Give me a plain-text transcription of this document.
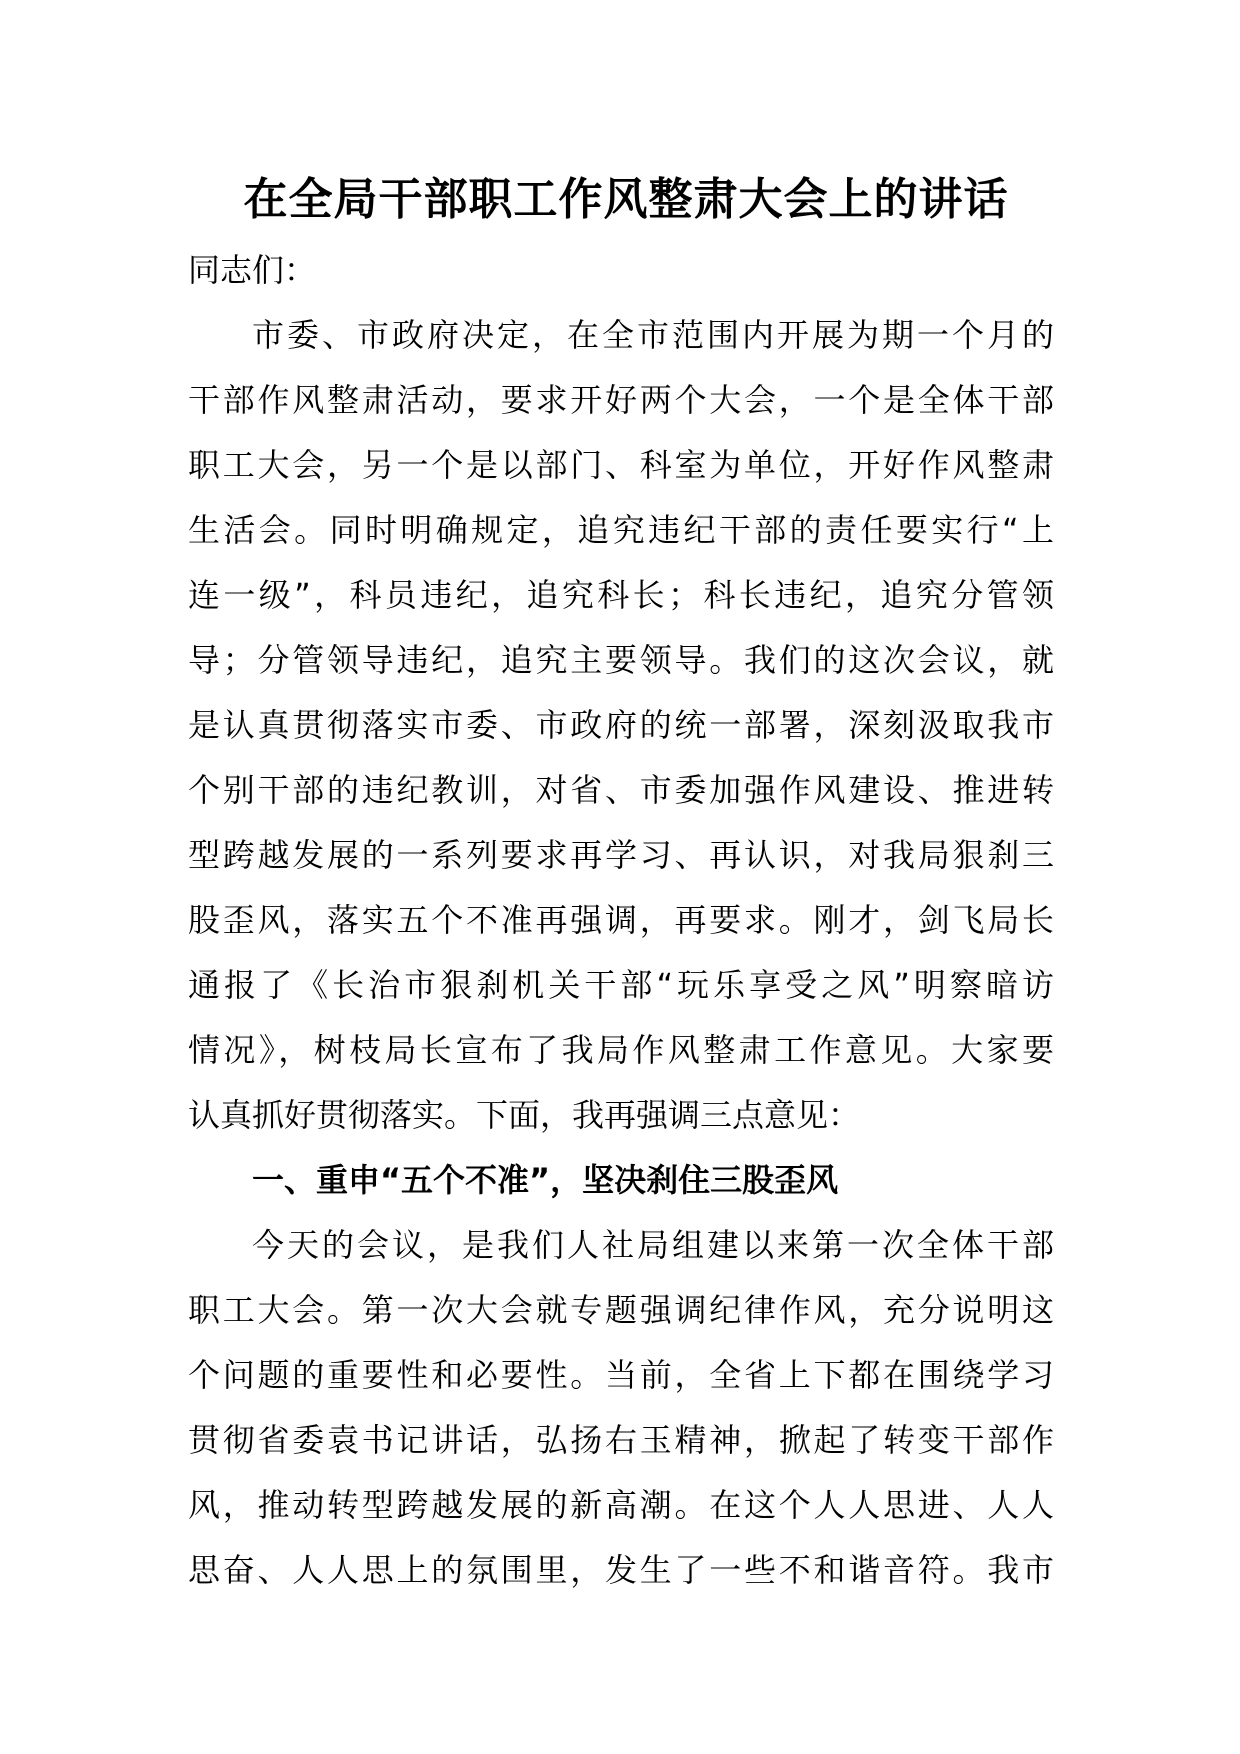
在全局干部职工作风整肃大会上的讲话
同志们：
市委、市政府决定，在全市范围内开展为期一个月的
干部作风整肃活动，要求开好两个大会，一个是全体干部
职工大会，另一个是以部门、科室为单位，开好作风整肃
生活会。同时明确规定，追究违纪干部的责任要实行“上
连一级”，科员违纪，追究科长；科长违纪，追究分管领
导；分管领导违纪，追究主要领导。我们的这次会议，就
是认真贯彻落实市委、市政府的统一部署，深刻汲取我市
个别干部的违纪教训，对省、市委加强作风建设、推进转
型跨越发展的一系列要求再学习、再认识，对我局狠刹三
股歪风，落实五个不准再强调，再要求。刚才，剑飞局长
通报了《长治市狠刹机关干部“玩乐享受之风”明察暗访
情况》，树枝局长宣布了我局作风整肃工作意见。大家要
认真抓好贯彻落实。下面，我再强调三点意见：
一、重申“五个不准”，坚决刹住三股歪风
今天的会议，是我们人社局组建以来第一次全体干部
职工大会。第一次大会就专题强调纪律作风，充分说明这
个问题的重要性和必要性。当前，全省上下都在围绕学习
贯彻省委袁书记讲话，弘扬右玉精神，掀起了转变干部作
风，推动转型跨越发展的新高潮。在这个人人思进、人人
思奋、人人思上的氛围里，发生了一些不和谐音符。我市
